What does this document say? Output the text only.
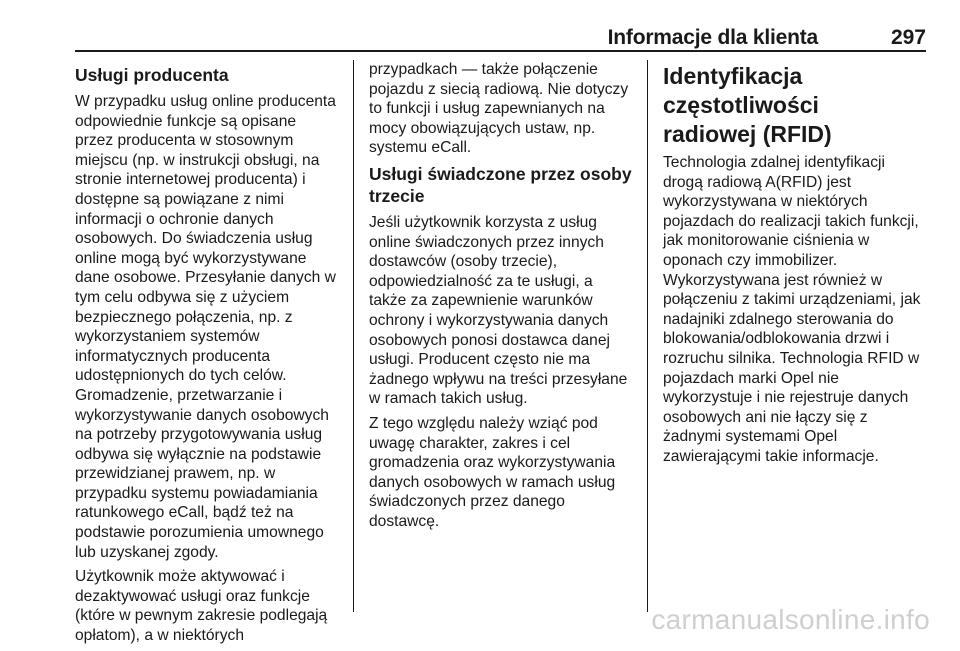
Informacje dla klienta	297
Usługi producenta

W przypadku usług online producenta
odpowiednie funkcje są opisane
przez producenta w stosownym
miejscu (np. w instrukcji obsługi, na
stronie internetowej producenta) i
dostępne są powiązane z nimi
informacji o ochronie danych
osobowych. Do świadczenia usług
online mogą być wykorzystywane
dane osobowe. Przesyłanie danych w
tym celu odbywa się z użyciem
bezpiecznego połączenia, np. z
wykorzystaniem systemów
informatycznych producenta
udostępnionych do tych celów.
Gromadzenie, przetwarzanie i
wykorzystywanie danych osobowych
na potrzeby przygotowywania usług
odbywa się wyłącznie na podstawie
przewidzianej prawem, np. w
przypadku systemu powiadamiania
ratunkowego eCall, bądź też na
podstawie porozumienia umownego
lub uzyskanej zgody.

Użytkownik może aktywować i
dezaktywować usługi oraz funkcje
(które w pewnym zakresie podlegają
opłatom), a w niektórych

przypadkach — także połączenie
pojazdu z siecią radiową. Nie dotyczy
to funkcji i usług zapewnianych na
mocy obowiązujących ustaw, np.
systemu eCall.

Usługi świadczone przez osoby
trzecie

Jeśli użytkownik korzysta z usług
online świadczonych przez innych
dostawców (osoby trzecie),
odpowiedzialność za te usługi, a
także za zapewnienie warunków
ochrony i wykorzystywania danych
osobowych ponosi dostawca danej
usługi. Producent często nie ma
żadnego wpływu na treści przesyłane
w ramach takich usług.

Z tego względu należy wziąć pod
uwagę charakter, zakres i cel
gromadzenia oraz wykorzystywania
danych osobowych w ramach usług
świadczonych przez danego
dostawcę.

Identyfikacja częstotliwości
radiowej (RFID)

Technologia zdalnej identyfikacji
drogą radiową A(RFID) jest
wykorzystywana w niektórych
pojazdach do realizacji takich funkcji,
jak monitorowanie ciśnienia w
oponach czy immobilizer.
Wykorzystywana jest również w
połączeniu z takimi urządzeniami, jak
nadajniki zdalnego sterowania do
blokowania/odblokowania drzwi i
rozruchu silnika. Technologia RFID w
pojazdach marki Opel nie
wykorzystuje i nie rejestruje danych
osobowych ani nie łączy się z
żadnymi systemami Opel
zawierającymi takie informacje.

carmanualsonline.info
